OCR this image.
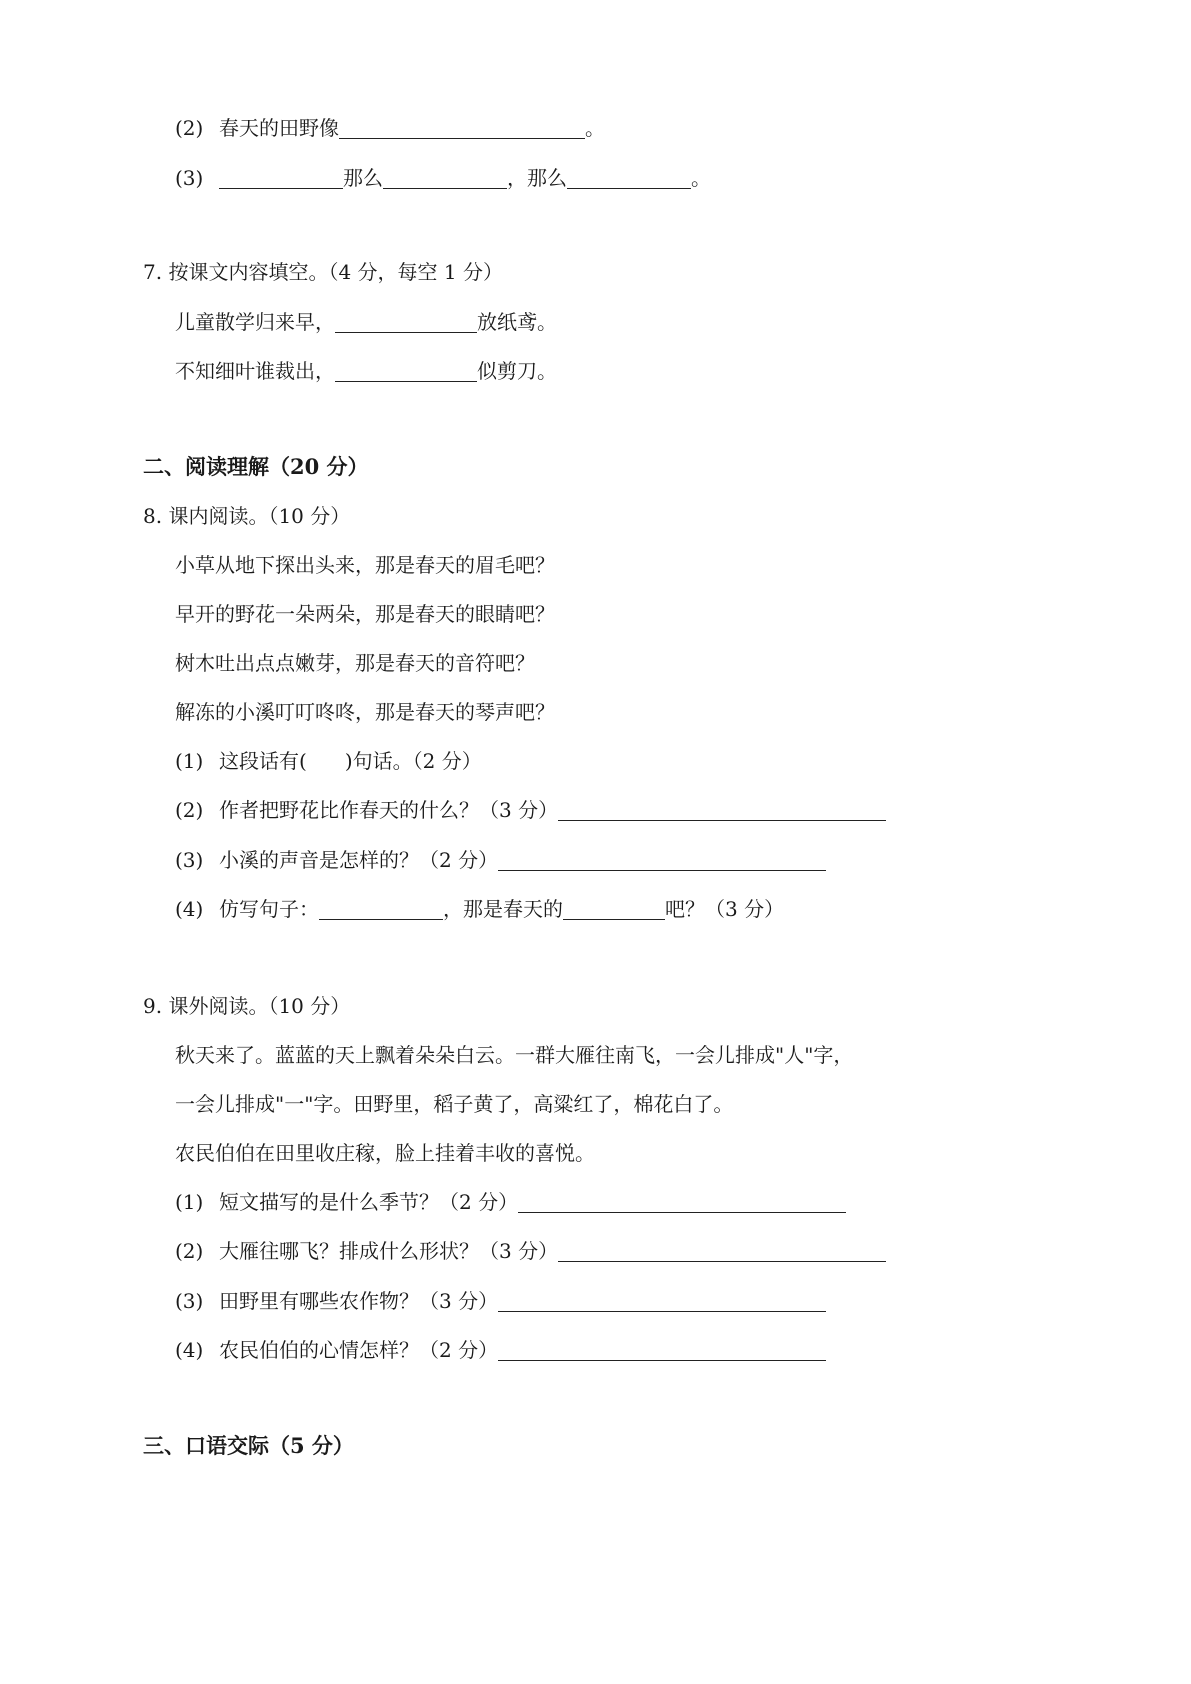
(2) 春天的田野像	。
(3)	那么	，那么	。
7. 按课文内容填空。（4 分，每空 1 分）
儿童散学归来早，	放纸鸢。
不知细叶谁裁出，	似剪刀。
二、阅读理解（20 分）
8. 课内阅读。（10 分）
小草从地下探出头来，那是春天的眉毛吧？
早开的野花一朵两朵，那是春天的眼睛吧？
树木吐出点点嫩芽，那是春天的音符吧？
解冻的小溪叮叮咚咚，那是春天的琴声吧？
(1) 这段话有( )句话。（2 分）
(2) 作者把野花比作春天的什么？（3 分）
(3) 小溪的声音是怎样的？（2 分）
(4) 仿写句子：	，那是春天的	吧？（3 分）
9. 课外阅读。（10 分）
秋天来了。蓝蓝的天上飘着朵朵白云。一群大雁往南飞，一会儿排成"人"字，
一会儿排成"一"字。田野里，稻子黄了，高粱红了，棉花白了。
农民伯伯在田里收庄稼，脸上挂着丰收的喜悦。
(1) 短文描写的是什么季节？（2 分）
(2) 大雁往哪飞？排成什么形状？（3 分）
(3) 田野里有哪些农作物？（3 分）
(4) 农民伯伯的心情怎样？（2 分）
三、口语交际（5 分）
